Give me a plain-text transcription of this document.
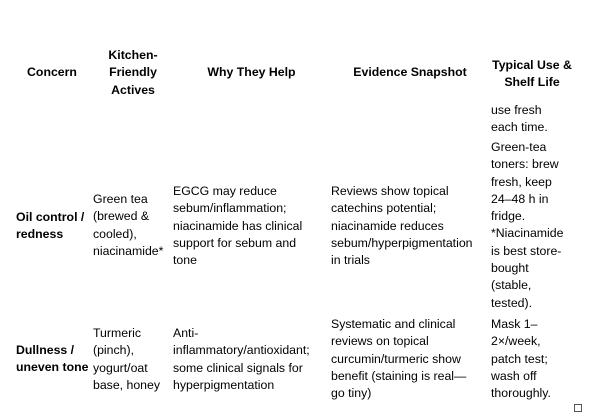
Concern
Kitchen-
Friendly
Actives
Why They Help	Evidence Snapshot	Typical Use &
Shelf Life
use fresh
each time.
Oil control /
redness
Green tea
(brewed &
cooled),
niacinamide*
EGCG may reduce
sebum/inflammation;
niacinamide has clinical
support for sebum and
tone
Reviews show topical
catechins potential;
niacinamide reduces
sebum/hyperpigmentation
in trials
Green-tea
toners: brew
fresh, keep
24–48 h in
fridge.
*Niacinamide
is best store-
bought
(stable,
tested).
Dullness /
uneven tone
Turmeric
(pinch),
yogurt/oat
base, honey
Anti-
inflammatory/antioxidant;
some clinical signals for
hyperpigmentation
Systematic and clinical
reviews on topical
curcumin/turmeric show
benefit (staining is real—
go tiny)
Mask 1–
2×/week,
patch test;
wash off
thoroughly.
